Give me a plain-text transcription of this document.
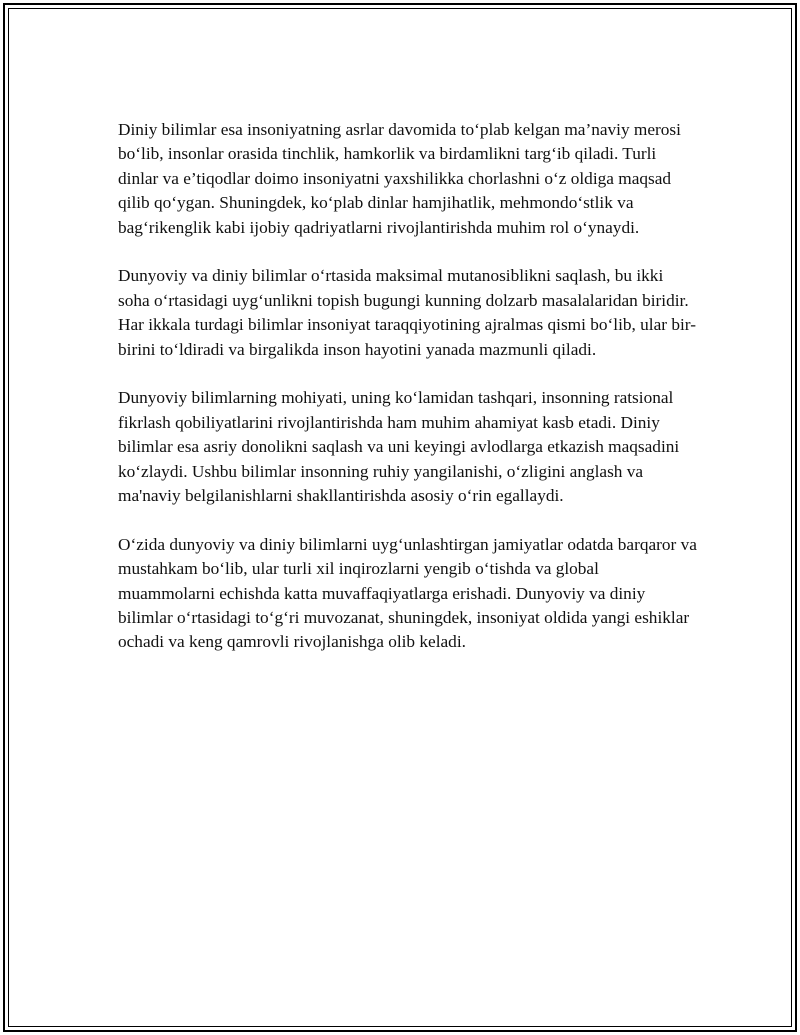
Diniy bilimlar esa insoniyatning asrlar davomida to‘plab kelgan ma’naviy merosi bo‘lib, insonlar orasida tinchlik, hamkorlik va birdamlikni targ‘ib qiladi. Turli dinlar va e’tiqodlar doimo insoniyatni yaxshilikka chorlashni o‘z oldiga maqsad qilib qo‘ygan. Shuningdek, ko‘plab dinlar hamjihatlik, mehmondo‘stlik va bag‘rikenglik kabi ijobiy qadriyatlarni rivojlantirishda muhim rol o‘ynaydi.

Dunyoviy va diniy bilimlar o‘rtasida maksimal mutanosiblikni saqlash, bu ikki soha o‘rtasidagi uyg‘unlikni topish bugungi kunning dolzarb masalalaridan biridir. Har ikkala turdagi bilimlar insoniyat taraqqiyotining ajralmas qismi bo‘lib, ular bir-birini to‘ldiradi va birgalikda inson hayotini yanada mazmunli qiladi.

Dunyoviy bilimlarning mohiyati, uning ko‘lamidan tashqari, insonning ratsional fikrlash qobiliyatlarini rivojlantirishda ham muhim ahamiyat kasb etadi. Diniy bilimlar esa asriy donolikni saqlash va uni keyingi avlodlarga etkazish maqsadini ko‘zlaydi. Ushbu bilimlar insonning ruhiy yangilanishi, o‘zligini anglash va ma'naviy belgilanishlarni shakllantirishda asosiy o‘rin egallaydi.

O‘zida dunyoviy va diniy bilimlarni uyg‘unlashtirgan jamiyatlar odatda barqaror va mustahkam bo‘lib, ular turli xil inqirozlarni yengib o‘tishda va global muammolarni echishda katta muvaffaqiyatlarga erishadi. Dunyoviy va diniy bilimlar o‘rtasidagi to‘g‘ri muvozanat, shuningdek, insoniyat oldida yangi eshiklar ochadi va keng qamrovli rivojlanishga olib keladi.
